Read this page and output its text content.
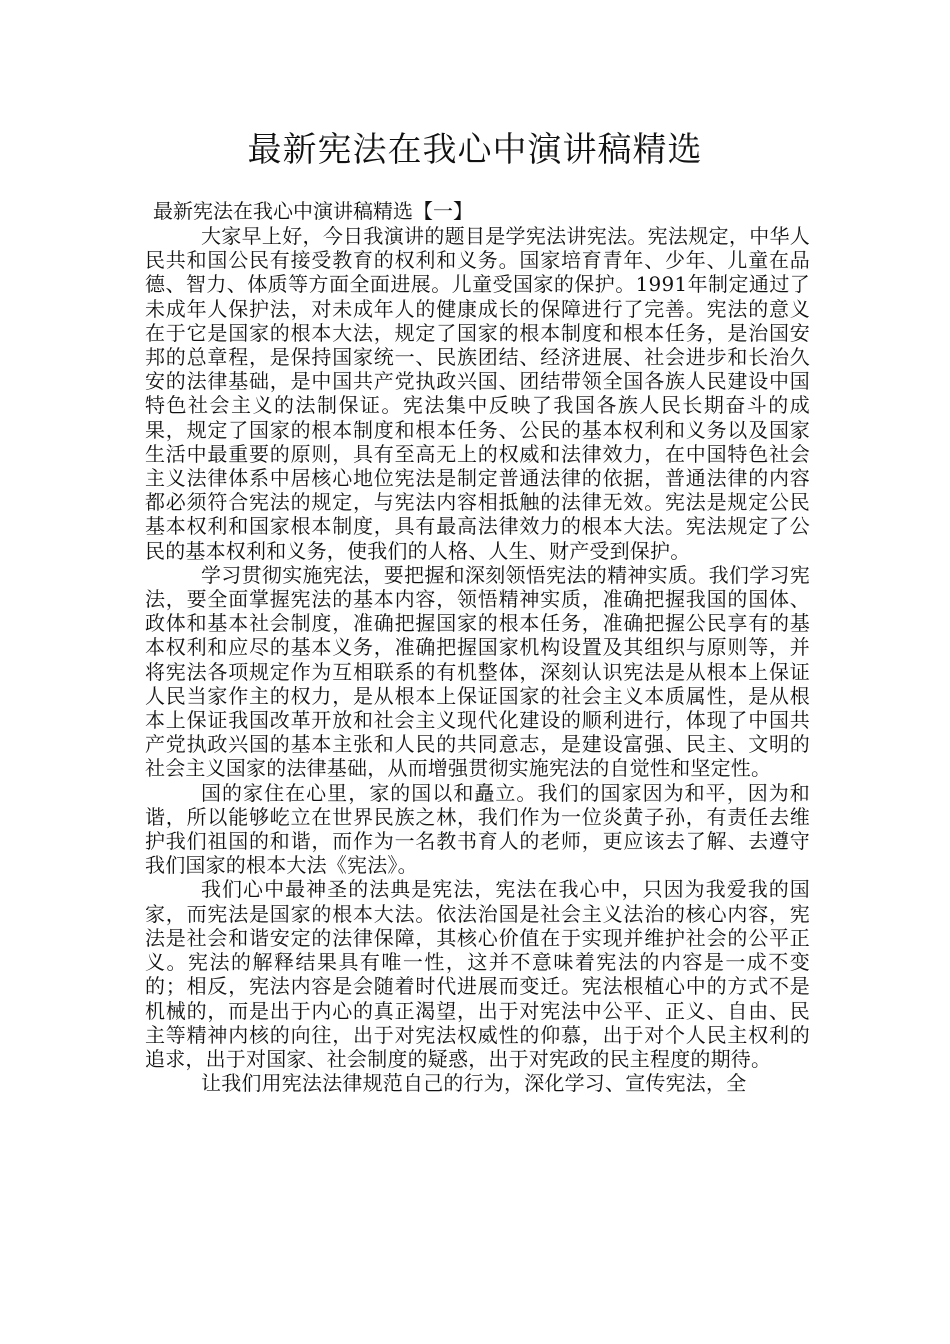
最新宪法在我心中演讲稿精选

最新宪法在我心中演讲稿精选【一】

大家早上好，今日我演讲的题目是学宪法讲宪法。宪法规定，中华人民共和国公民有接受教育的权利和义务。国家培育青年、少年、儿童在品德、智力、体质等方面全面进展。儿童受国家的保护。1991年制定通过了未成年人保护法，对未成年人的健康成长的保障进行了完善。宪法的意义在于它是国家的根本大法，规定了国家的根本制度和根本任务，是治国安邦的总章程，是保持国家统一、民族团结、经济进展、社会进步和长治久安的法律基础，是中国共产党执政兴国、团结带领全国各族人民建设中国特色社会主义的法制保证。宪法集中反映了我国各族人民长期奋斗的成果，规定了国家的根本制度和根本任务、公民的基本权利和义务以及国家生活中最重要的原则，具有至高无上的权威和法律效力，在中国特色社会主义法律体系中居核心地位宪法是制定普通法律的依据，普通法律的内容都必须符合宪法的规定，与宪法内容相抵触的法律无效。宪法是规定公民基本权利和国家根本制度，具有最高法律效力的根本大法。宪法规定了公民的基本权利和义务，使我们的人格、人生、财产受到保护。

学习贯彻实施宪法，要把握和深刻领悟宪法的精神实质。我们学习宪法，要全面掌握宪法的基本内容，领悟精神实质，准确把握我国的国体、政体和基本社会制度，准确把握国家的根本任务，准确把握公民享有的基本权利和应尽的基本义务，准确把握国家机构设置及其组织与原则等，并将宪法各项规定作为互相联系的有机整体，深刻认识宪法是从根本上保证人民当家作主的权力，是从根本上保证国家的社会主义本质属性，是从根本上保证我国改革开放和社会主义现代化建设的顺利进行，体现了中国共产党执政兴国的基本主张和人民的共同意志，是建设富强、民主、文明的社会主义国家的法律基础，从而增强贯彻实施宪法的自觉性和坚定性。

国的家住在心里，家的国以和矗立。我们的国家因为和平，因为和谐，所以能够屹立在世界民族之林，我们作为一位炎黄子孙，有责任去维护我们祖国的和谐，而作为一名教书育人的老师，更应该去了解、去遵守我们国家的根本大法《宪法》。

我们心中最神圣的法典是宪法，宪法在我心中，只因为我爱我的国家，而宪法是国家的根本大法。依法治国是社会主义法治的核心内容，宪法是社会和谐安定的法律保障，其核心价值在于实现并维护社会的公平正义。宪法的解释结果具有唯一性，这并不意味着宪法的内容是一成不变的；相反，宪法内容是会随着时代进展而变迁。宪法根植心中的方式不是机械的，而是出于内心的真正渴望，出于对宪法中公平、正义、自由、民主等精神内核的向往，出于对宪法权威性的仰慕，出于对个人民主权利的追求，出于对国家、社会制度的疑惑，出于对宪政的民主程度的期待。

让我们用宪法法律规范自己的行为，深化学习、宣传宪法，全
